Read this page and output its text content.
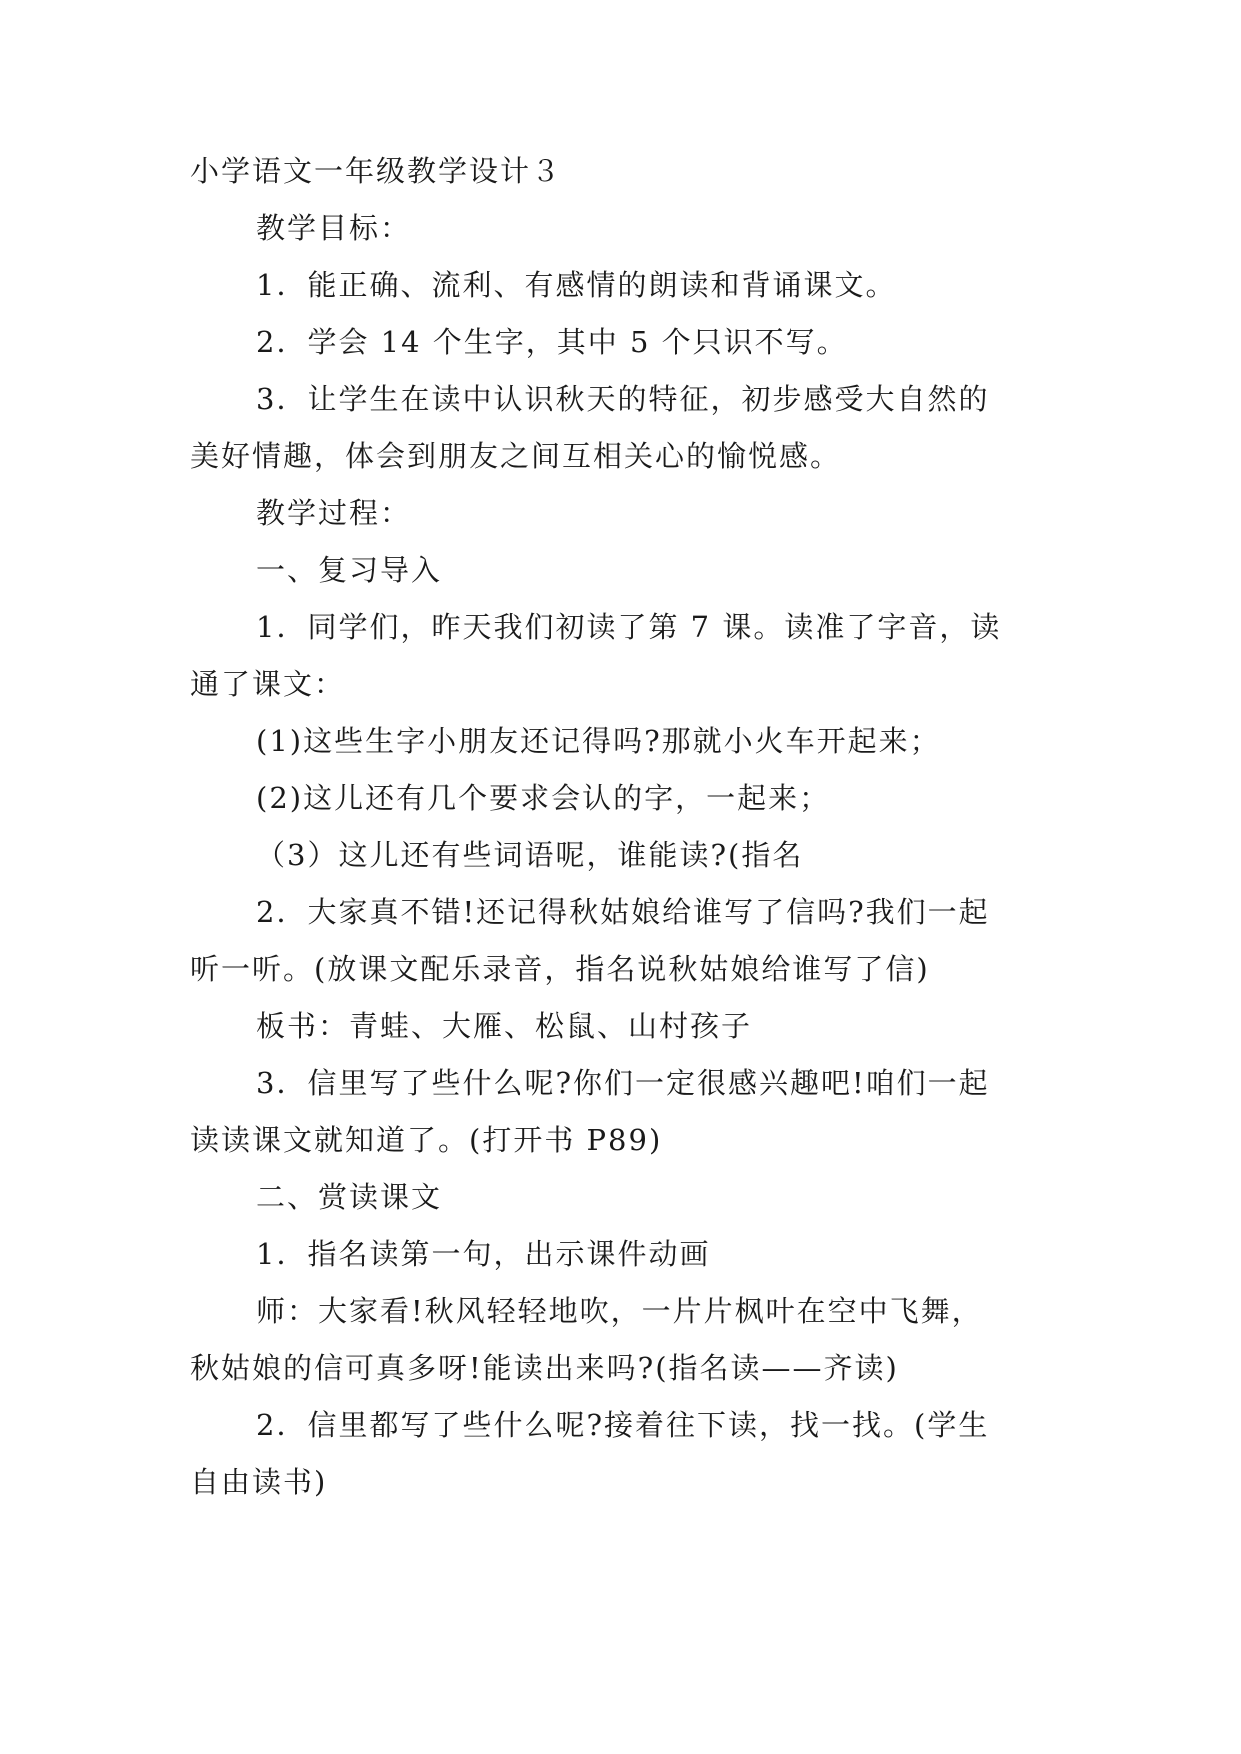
小学语文一年级教学设计３
教学目标：
1．能正确、流利、有感情的朗读和背诵课文。
2．学会 14 个生字，其中 5 个只识不写。
3．让学生在读中认识秋天的特征，初步感受大自然的
美好情趣，体会到朋友之间互相关心的愉悦感。
教学过程：
一、复习导入
1．同学们，昨天我们初读了第 7 课。读准了字音，读
通了课文：
(1)这些生字小朋友还记得吗?那就小火车开起来；
(2)这儿还有几个要求会认的字，一起来；
（3）这儿还有些词语呢，谁能读?(指名
2．大家真不错!还记得秋姑娘给谁写了信吗?我们一起
听一听。(放课文配乐录音，指名说秋姑娘给谁写了信)
板书：青蛙、大雁、松鼠、山村孩子
3．信里写了些什么呢?你们一定很感兴趣吧!咱们一起
读读课文就知道了。(打开书 P89)
二、赏读课文
1．指名读第一句，出示课件动画
师：大家看!秋风轻轻地吹，一片片枫叶在空中飞舞，
秋姑娘的信可真多呀!能读出来吗?(指名读——齐读)
2．信里都写了些什么呢?接着往下读，找一找。(学生
自由读书)
